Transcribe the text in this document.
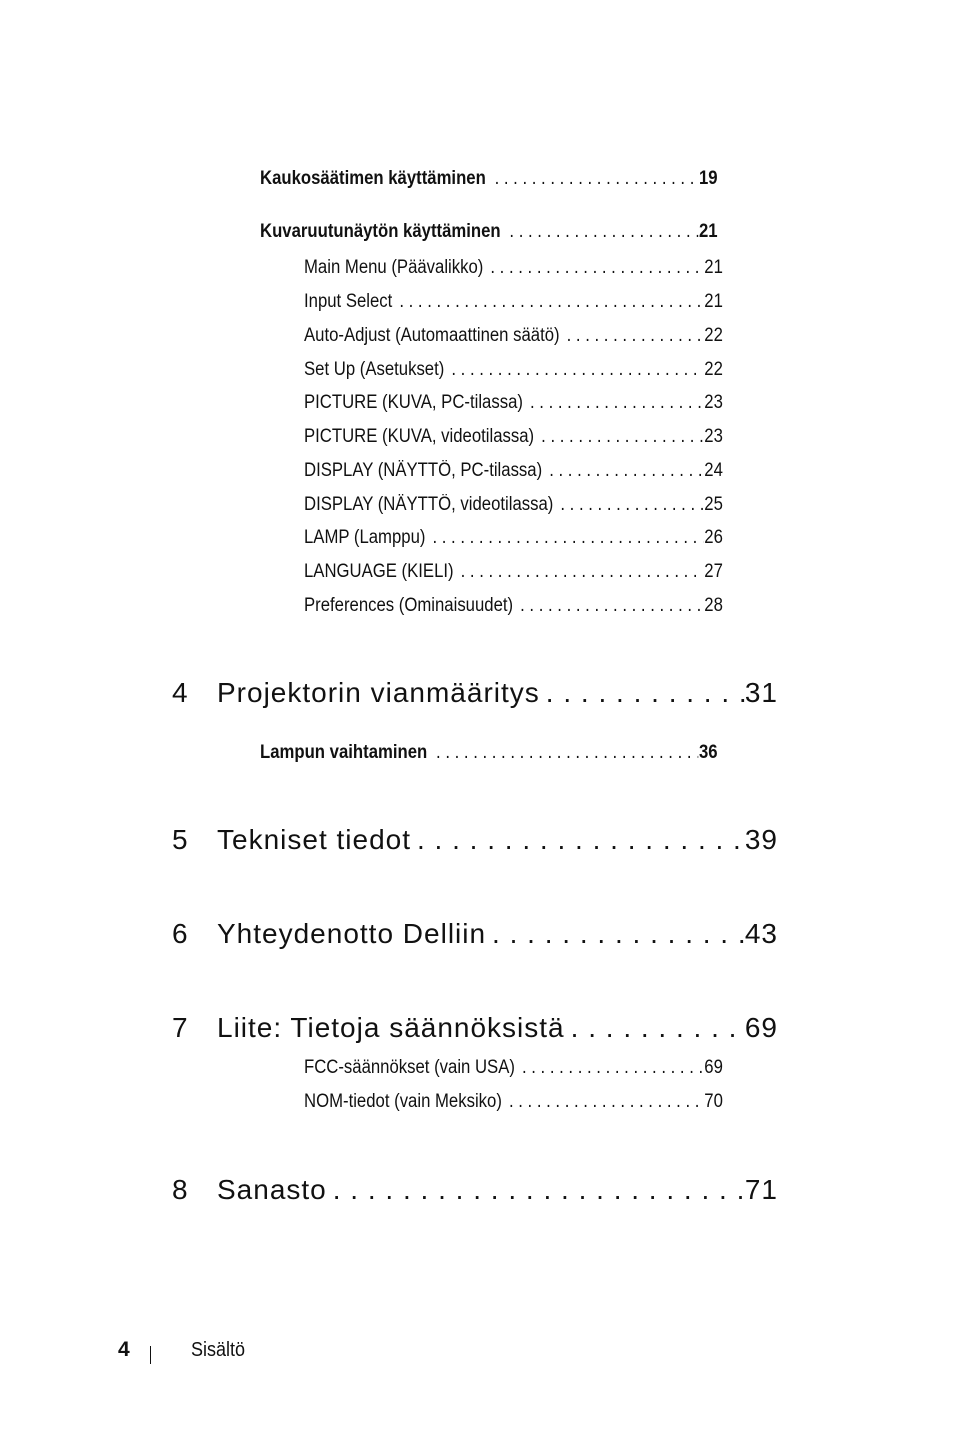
Kaukosäätimen käyttäminen . . .	19
Kuvaruutunäytön käyttäminen . . .	21
Main Menu (Päävalikko) . . .	21
Input Select . . .	21
Auto-Adjust (Automaattinen säätö) . . .	22
Set Up (Asetukset) . . .	22
PICTURE (KUVA, PC-tilassa) . . .	23
PICTURE (KUVA, videotilassa) . . .	23
DISPLAY (NÄYTTÖ, PC-tilassa) . . .	24
DISPLAY (NÄYTTÖ, videotilassa) . . .	25
LAMP (Lamppu) . . .	26
LANGUAGE (KIELI) . . .	27
Preferences (Ominaisuudet) . . .	28
4	Projektorin vianmääritys . . .	31
Lampun vaihtaminen . . .	36
5	Tekniset tiedot . . .	39
6	Yhteydenotto Delliin . . .	43
7	Liite: Tietoja säännöksistä . . .	69
FCC-säännökset (vain USA) . . .	69
NOM-tiedot (vain Meksiko) . . .	70
8	Sanasto . . .	71
4	Sisältö
